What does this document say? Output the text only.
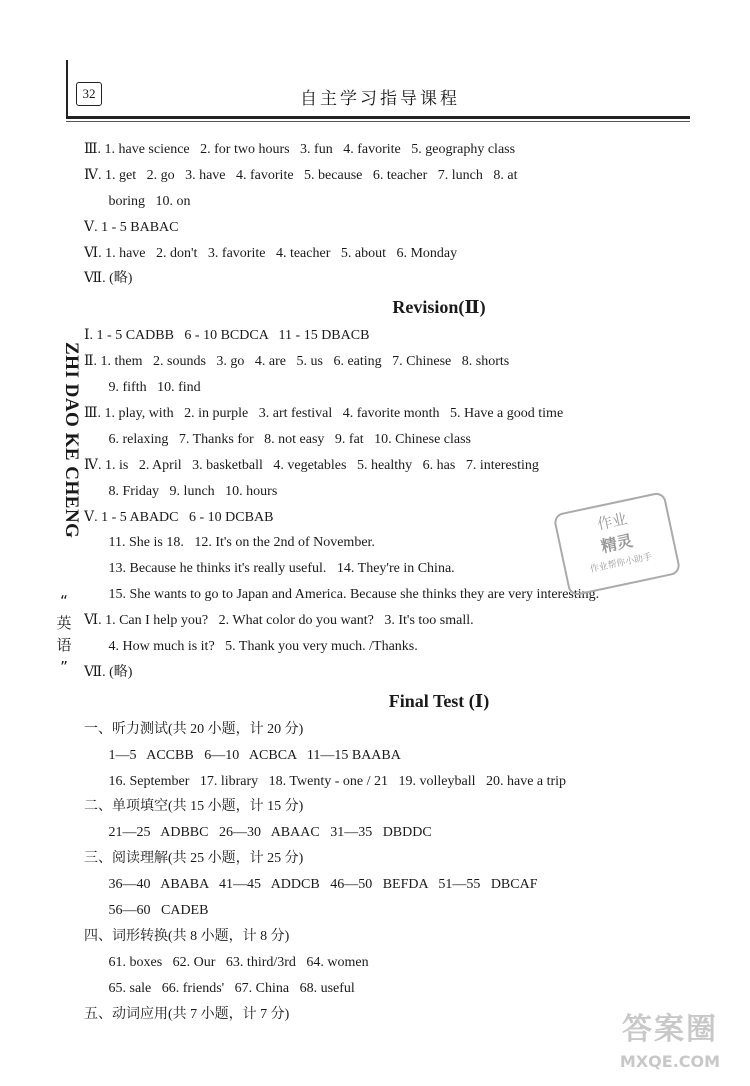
32	自主学习指导课程
ZHI DAO KE CHENG
“ 英 语 ”
Ⅲ. 1. have science   2. for two hours   3. fun   4. favorite   5. geography class
Ⅳ. 1. get   2. go   3. have   4. favorite   5. because   6. teacher   7. lunch   8. at
boring   10. on
Ⅴ. 1 - 5 BABAC
Ⅵ. 1. have   2. don't   3. favorite   4. teacher   5. about   6. Monday
Ⅶ. (略)
Revision(Ⅱ)
Ⅰ. 1 - 5 CADBB   6 - 10 BCDCA   11 - 15 DBACB
Ⅱ. 1. them   2. sounds   3. go   4. are   5. us   6. eating   7. Chinese   8. shorts
9. fifth   10. find
Ⅲ. 1. play, with   2. in purple   3. art festival   4. favorite month   5. Have a good time
6. relaxing   7. Thanks for   8. not easy   9. fat   10. Chinese class
Ⅳ. 1. is   2. April   3. basketball   4. vegetables   5. healthy   6. has   7. interesting
8. Friday   9. lunch   10. hours
Ⅴ. 1 - 5 ABADC   6 - 10 DCBAB
11. She is 18.   12. It's on the 2nd of November.
13. Because he thinks it's really useful.   14. They're in China.
15. She wants to go to Japan and America. Because she thinks they are very interesting.
Ⅵ. 1. Can I help you?   2. What color do you want?   3. It's too small.
4. How much is it?   5. Thank you very much. /Thanks.
Ⅶ. (略)
Final Test (Ⅰ)
一、听力测试(共 20 小题，计 20 分)
1—5   ACCBB   6—10   ACBCA   11—15 BAABA
16. September   17. library   18. Twenty - one / 21   19. volleyball   20. have a trip
二、单项填空(共 15 小题，计 15 分)
21—25   ADBBC   26—30   ABAAC   31—35   DBDDC
三、阅读理解(共 25 小题，计 25 分)
36—40   ABABA   41—45   ADDCB   46—50   BEFDA   51—55   DBCAF
56—60   CADEB
四、词形转换(共 8 小题，计 8 分)
61. boxes   62. Our   63. third/3rd   64. women
65. sale   66. friends'   67. China   68. useful
五、动词应用(共 7 小题，计 7 分)
作业
精灵
作业帮你小助手
答案圈
MXQE.COM
